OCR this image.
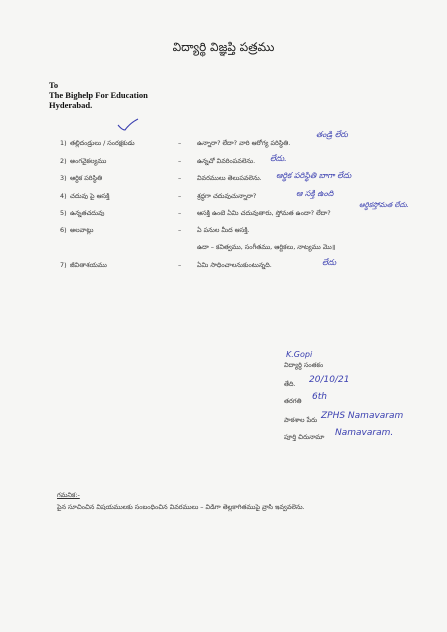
విద్యార్థి విజ్ఞప్తి పత్రము
To
The Bighelp For Education
Hyderabad.
1) తల్లిదండ్రులు / సంరక్షకుడు	– ఉన్నారా? లేదా? వారి ఆరోగ్య పరిస్థితి.
తండ్రి లేరు
2) అంగవైకల్యము	– ఉన్నచో వివరింపవలెను. లేదు.
3) ఆర్థిక పరిస్థితి	– వివరములు తెలుపవలెను. ఆర్థిక పరిస్థితి బాగా లేదు
4) చదువు పై ఆసక్తి	– శ్రద్ధగా చదువుచున్నారా?	ఆ సక్తి ఉంది
5) ఉన్నతచదువు	– ఆసక్తి ఉంటె ఏమి చదువుతారు, స్తోమత ఉందా? లేదా?
ఆర్థికస్తోమత లేదు.
6) అలవాట్లు	– ఏ పనుల మీద ఆసక్తి.
ఉదా – కవిత్వము, సంగీతము, ఆర్టికలు, నాట్యము మొ॥
7) జీవితాశయము	– ఏమి సాధించాలనుకుంటున్నది.	లేదు
K.Gopi
విద్యార్థి సంతకం
తేది. 20/10/21
తరగతి 6th
పాఠశాల పేరు ZPHS Namavaram
పూర్తి చిరునామా Namavaram.
గమనిక:-
పైన సూచించిన విషయములకు సంబంధించిన వివరములు – విడిగా తెల్లకాగితముపై వ్రాసి ఇవ్వవలెను.
